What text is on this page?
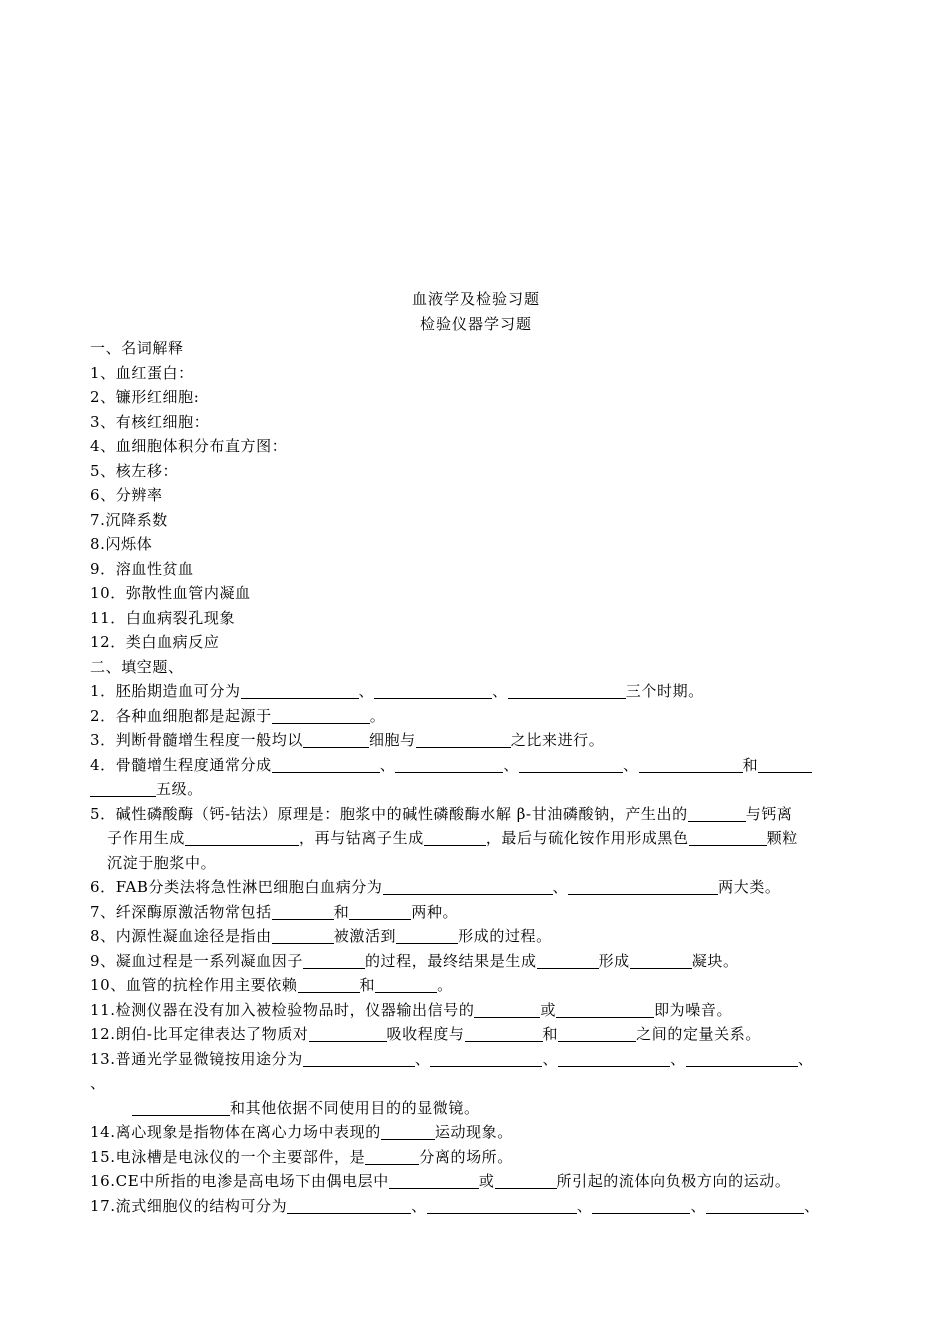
血液学及检验习题
检验仪器学习题
一、名词解释
1、血红蛋白：
2、镰形红细胞:
3、有核红细胞：
4、血细胞体积分布直方图：
5、核左移：
6、分辨率
7.沉降系数
8.闪烁体
9．溶血性贫血
10．弥散性血管内凝血
11．白血病裂孔现象
12．类白血病反应
二、填空题、
1．胚胎期造血可分为	、	、	三个时期。
2．各种血细胞都是起源于	。
3．判断骨髓增生程度一般均以	细胞与	之比来进行。
4．骨髓增生程度通常分成	、	、	、	和
五级。
5．碱性磷酸酶（钙-钴法）原理是：胞浆中的碱性磷酸酶水解 β-甘油磷酸钠，产生出的	与钙离
子作用生成	，再与钴离子生成	，最后与硫化铵作用形成黑色	颗粒
沉淀于胞浆中。
6．FAB分类法将急性淋巴细胞白血病分为	、	两大类。
7、纤深酶原激活物常包括	和	两种。
8、内源性凝血途径是指由	被激活到	形成的过程。
9、凝血过程是一系列凝血因子	的过程，最终结果是生成	形成	凝块。
10、血管的抗栓作用主要依赖	和	。
11.检测仪器在没有加入被检验物品时，仪器输出信号的	或	即为噪音。
12.朗伯-比耳定律表达了物质对	吸收程度与	和	之间的定量关系。
13.普通光学显微镜按用途分为	、	、	、	、
、
和其他依据不同使用目的的显微镜。
14.离心现象是指物体在离心力场中表现的	运动现象。
15.电泳槽是电泳仪的一个主要部件，是	分离的场所。
16.CE中所指的电渗是高电场下由偶电层中	或	所引起的流体向负极方向的运动。
17.流式细胞仪的结构可分为	、	、	、	、
